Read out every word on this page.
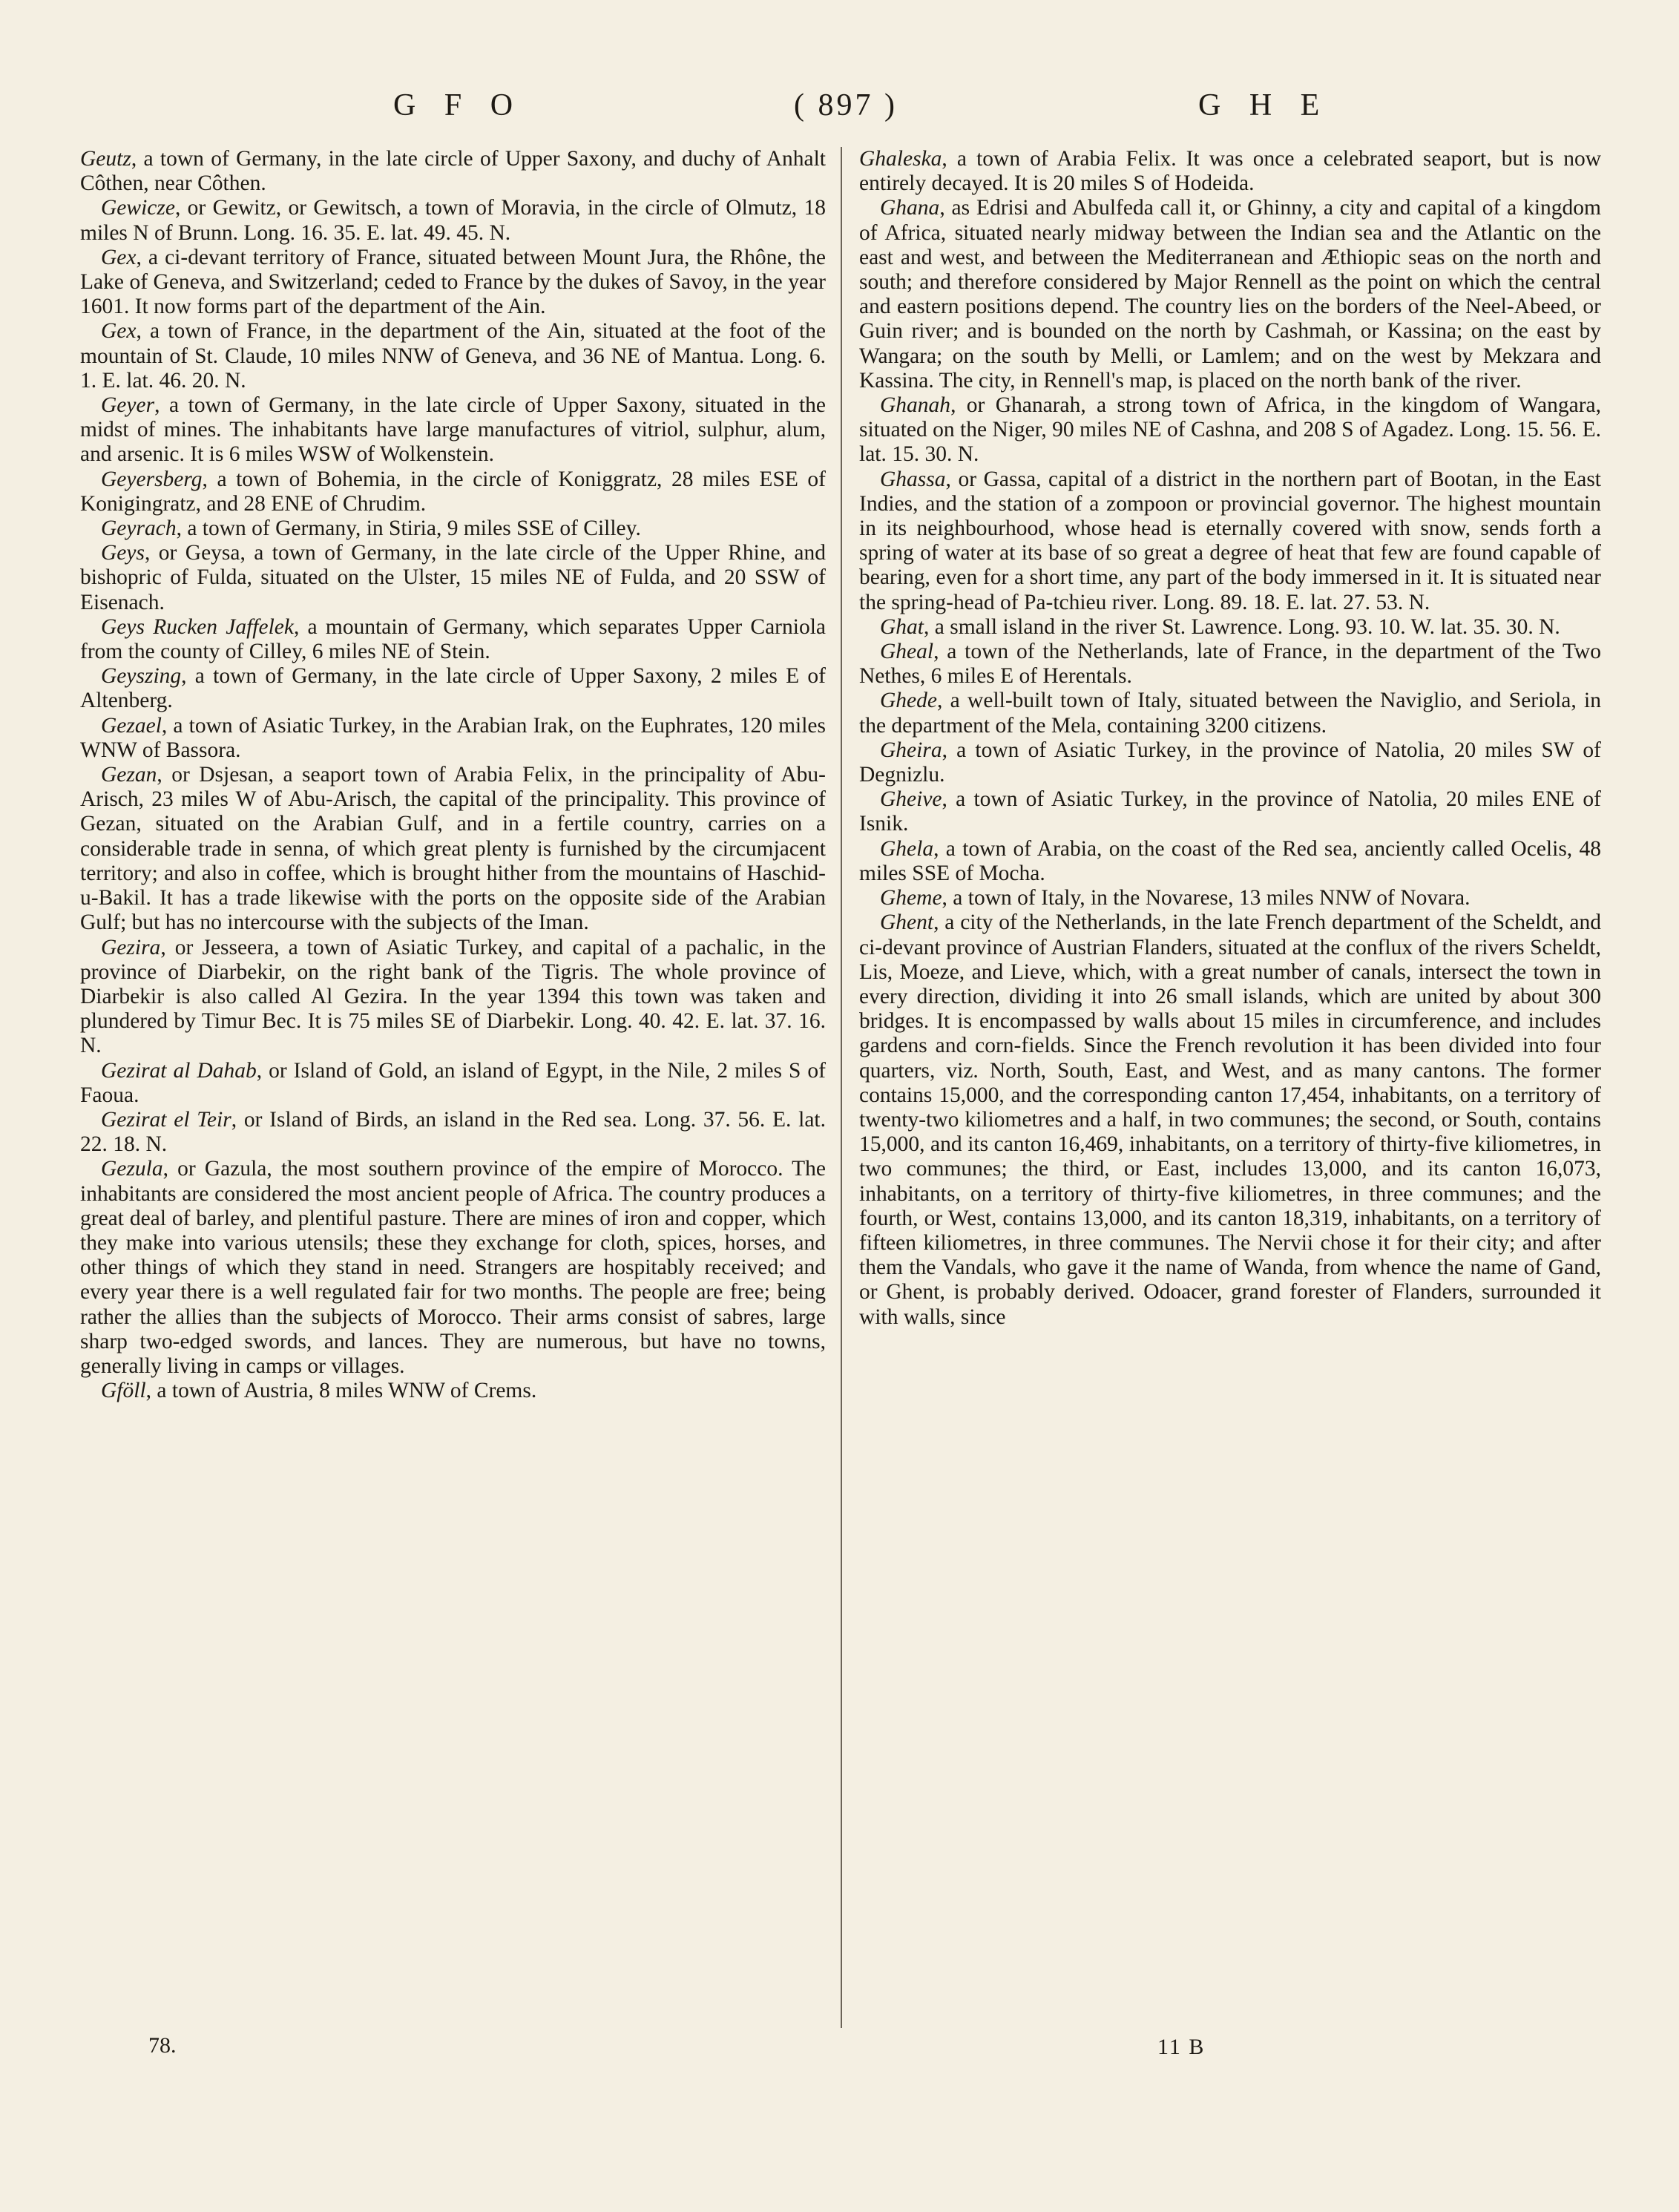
G F O	( 897 )	G H E

Geutz, a town of Germany, in the late circle of Upper Saxony, and duchy of Anhalt Côthen, near Côthen.

Gewicze, or Gewitz, or Gewitsch, a town of Moravia, in the circle of Olmutz, 18 miles N of Brunn. Long. 16. 35. E. lat. 49. 45. N.

Gex, a ci-devant territory of France, situated between Mount Jura, the Rhône, the Lake of Geneva, and Switzerland; ceded to France by the dukes of Savoy, in the year 1601. It now forms part of the department of the Ain.

Gex, a town of France, in the department of the Ain, situated at the foot of the mountain of St. Claude, 10 miles NNW of Geneva, and 36 NE of Mantua. Long. 6. 1. E. lat. 46. 20. N.

Geyer, a town of Germany, in the late circle of Upper Saxony, situated in the midst of mines. The inhabitants have large manufactures of vitriol, sulphur, alum, and arsenic. It is 6 miles WSW of Wolkenstein.

Geyersberg, a town of Bohemia, in the circle of Koniggratz, 28 miles ESE of Konigingratz, and 28 ENE of Chrudim.

Geyrach, a town of Germany, in Stiria, 9 miles SSE of Cilley.

Geys, or Geysa, a town of Germany, in the late circle of the Upper Rhine, and bishopric of Fulda, situated on the Ulster, 15 miles NE of Fulda, and 20 SSW of Eisenach.

Geys Rucken Jaffelek, a mountain of Germany, which separates Upper Carniola from the county of Cilley, 6 miles NE of Stein.

Geyszing, a town of Germany, in the late circle of Upper Saxony, 2 miles E of Altenberg.

Gezael, a town of Asiatic Turkey, in the Arabian Irak, on the Euphrates, 120 miles WNW of Bassora.

Gezan, or Dsjesan, a seaport town of Arabia Felix, in the principality of Abu-Arisch, 23 miles W of Abu-Arisch, the capital of the principality. This province of Gezan, situated on the Arabian Gulf, and in a fertile country, carries on a considerable trade in senna, of which great plenty is furnished by the circumjacent territory; and also in coffee, which is brought hither from the mountains of Haschid-u-Bakil. It has a trade likewise with the ports on the opposite side of the Arabian Gulf; but has no intercourse with the subjects of the Iman.

Gezira, or Jesseera, a town of Asiatic Turkey, and capital of a pachalic, in the province of Diarbekir, on the right bank of the Tigris. The whole province of Diarbekir is also called Al Gezira. In the year 1394 this town was taken and plundered by Timur Bec. It is 75 miles SE of Diarbekir. Long. 40. 42. E. lat. 37. 16. N.

Gezirat al Dahab, or Island of Gold, an island of Egypt, in the Nile, 2 miles S of Faoua.

Gezirat el Teir, or Island of Birds, an island in the Red sea. Long. 37. 56. E. lat. 22. 18. N.

Gezula, or Gazula, the most southern province of the empire of Morocco. The inhabitants are considered the most ancient people of Africa. The country produces a great deal of barley, and plentiful pasture. There are mines of iron and copper, which they make into various utensils; these they exchange for cloth, spices, horses, and other things of which they stand in need. Strangers are hospitably received; and every year there is a well regulated fair for two months. The people are free; being rather the allies than the subjects of Morocco. Their arms consist of sabres, large sharp two-edged swords, and lances. They are numerous, but have no towns, generally living in camps or villages.

Gföll, a town of Austria, 8 miles WNW of Crems.

Ghaleska, a town of Arabia Felix. It was once a celebrated seaport, but is now entirely decayed. It is 20 miles S of Hodeida.

Ghana, as Edrisi and Abulfeda call it, or Ghinny, a city and capital of a kingdom of Africa, situated nearly midway between the Indian sea and the Atlantic on the east and west, and between the Mediterranean and Æthiopic seas on the north and south; and therefore considered by Major Rennell as the point on which the central and eastern positions depend. The country lies on the borders of the Neel-Abeed, or Guin river; and is bounded on the north by Cashmah, or Kassina; on the east by Wangara; on the south by Melli, or Lamlem; and on the west by Mekzara and Kassina. The city, in Rennell's map, is placed on the north bank of the river.

Ghanah, or Ghanarah, a strong town of Africa, in the kingdom of Wangara, situated on the Niger, 90 miles NE of Cashna, and 208 S of Agadez. Long. 15. 56. E. lat. 15. 30. N.

Ghassa, or Gassa, capital of a district in the northern part of Bootan, in the East Indies, and the station of a zompoon or provincial governor. The highest mountain in its neighbourhood, whose head is eternally covered with snow, sends forth a spring of water at its base of so great a degree of heat that few are found capable of bearing, even for a short time, any part of the body immersed in it. It is situated near the spring-head of Pa-tchieu river. Long. 89. 18. E. lat. 27. 53. N.

Ghat, a small island in the river St. Lawrence. Long. 93. 10. W. lat. 35. 30. N.

Gheal, a town of the Netherlands, late of France, in the department of the Two Nethes, 6 miles E of Herentals.

Ghede, a well-built town of Italy, situated between the Naviglio, and Seriola, in the department of the Mela, containing 3200 citizens.

Gheira, a town of Asiatic Turkey, in the province of Natolia, 20 miles SW of Degnizlu.

Gheive, a town of Asiatic Turkey, in the province of Natolia, 20 miles ENE of Isnik.

Ghela, a town of Arabia, on the coast of the Red sea, anciently called Ocelis, 48 miles SSE of Mocha.

Gheme, a town of Italy, in the Novarese, 13 miles NNW of Novara.

Ghent, a city of the Netherlands, in the late French department of the Scheldt, and ci-devant province of Austrian Flanders, situated at the conflux of the rivers Scheldt, Lis, Moeze, and Lieve, which, with a great number of canals, intersect the town in every direction, dividing it into 26 small islands, which are united by about 300 bridges. It is encompassed by walls about 15 miles in circumference, and includes gardens and corn-fields. Since the French revolution it has been divided into four quarters, viz. North, South, East, and West, and as many cantons. The former contains 15,000, and the corresponding canton 17,454, inhabitants, on a territory of twenty-two kiliometres and a half, in two communes; the second, or South, contains 15,000, and its canton 16,469, inhabitants, on a territory of thirty-five kiliometres, in two communes; the third, or East, includes 13,000, and its canton 16,073, inhabitants, on a territory of thirty-five kiliometres, in three communes; and the fourth, or West, contains 13,000, and its canton 18,319, inhabitants, on a territory of fifteen kiliometres, in three communes. The Nervii chose it for their city; and after them the Vandals, who gave it the name of Wanda, from whence the name of Gand, or Ghent, is probably derived. Odoacer, grand forester of Flanders, surrounded it with walls, since

78.	11 B
